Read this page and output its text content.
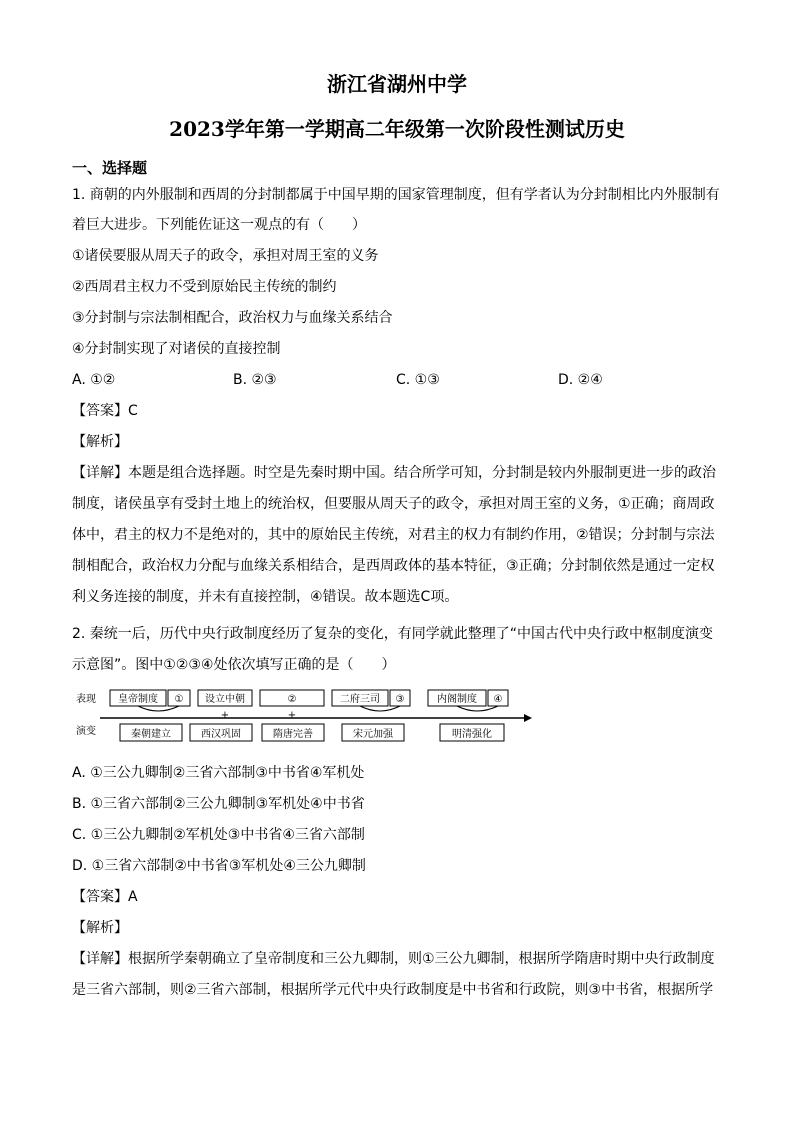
浙江省湖州中学
2023学年第一学期高二年级第一次阶段性测试历史
一、选择题
1. 商朝的内外服制和西周的分封制都属于中国早期的国家管理制度，但有学者认为分封制相比内外服制有
着巨大进步。下列能佐证这一观点的有（　　）
①诸侯要服从周天子的政令，承担对周王室的义务
②西周君主权力不受到原始民主传统的制约
③分封制与宗法制相配合，政治权力与血缘关系结合
④分封制实现了对诸侯的直接控制
A. ①②	B. ②③	C. ①③	D. ②④
【答案】C
【解析】
【详解】本题是组合选择题。时空是先秦时期中国。结合所学可知，分封制是较内外服制更进一步的政治
制度，诸侯虽享有受封土地上的统治权，但要服从周天子的政令，承担对周王室的义务，①正确；商周政
体中，君主的权力不是绝对的，其中的原始民主传统，对君主的权力有制约作用，②错误；分封制与宗法
制相配合，政治权力分配与血缘关系相结合，是西周政体的基本特征，③正确；分封制依然是通过一定权
利义务连接的制度，并未有直接控制，④错误。故本题选C项。
2. 秦统一后，历代中央行政制度经历了复杂的变化，有同学就此整理了“中国古代中央行政中枢制度演变
示意图”。图中①②③④处依次填写正确的是（　　）
表现
演变
皇帝制度 ① 设立中朝	②	二府三司 ③	内阁制度 ④
+	+
秦朝建立	西汉巩固	隋唐完善	宋元加强	明清强化
A. ①三公九卿制②三省六部制③中书省④军机处
B. ①三省六部制②三公九卿制③军机处④中书省
C. ①三公九卿制②军机处③中书省④三省六部制
D. ①三省六部制②中书省③军机处④三公九卿制
【答案】A
【解析】
【详解】根据所学秦朝确立了皇帝制度和三公九卿制，则①三公九卿制，根据所学隋唐时期中央行政制度
是三省六部制，则②三省六部制，根据所学元代中央行政制度是中书省和行政院，则③中书省，根据所学
